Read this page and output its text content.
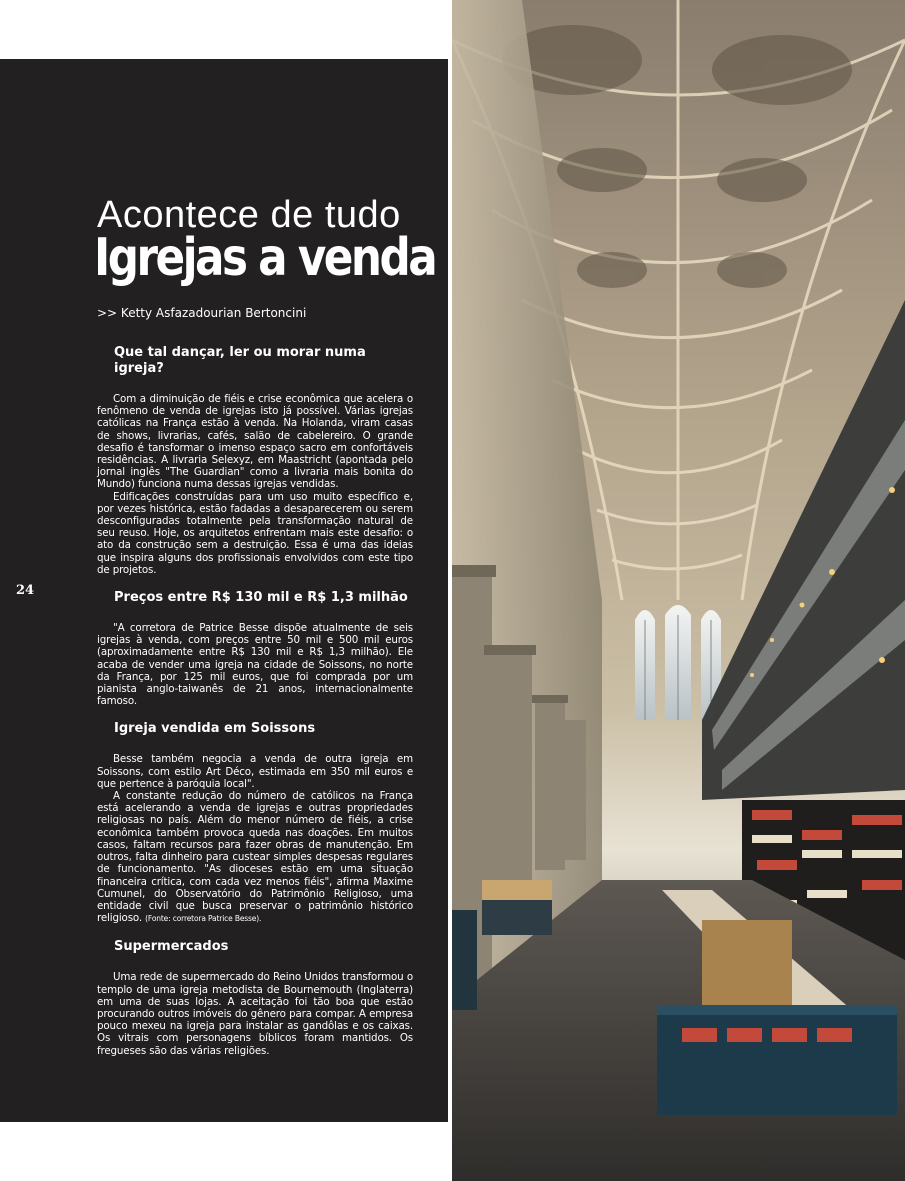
24
Acontece de tudo
Igrejas a venda
>> Ketty Asfazadourian Bertoncini
Que tal dançar, ler ou morar numa igreja?

Com a diminuição de fiéis e crise econômica que acelera o fenômeno de venda de igrejas isto já possível. Várias igrejas católicas na França estão à venda. Na Holanda, viram casas de shows, livrarias, cafés, salão de cabelereiro. O grande desafio é tansformar o imenso espaço sacro em confortáveis residências. A livraria Selexyz, em Maastricht (apontada pelo jornal inglês "The Guardian" como a livraria mais bonita do Mundo) funciona numa dessas igrejas vendidas.

Edificações construídas para um uso muito específico e, por vezes histórica, estão fadadas a desaparecerem ou serem desconfiguradas totalmente pela transformação natural de seu reuso. Hoje, os arquitetos enfrentam mais este desafio: o ato da construção sem a destruição. Essa é uma das ideias que inspira alguns dos profissionais envolvidos com este tipo de projetos.

Preços entre R$ 130 mil e R$ 1,3 milhão

"A corretora de Patrice Besse dispõe atualmente de seis igrejas à venda, com preços entre 50 mil e 500 mil euros (aproximadamente entre R$ 130 mil e R$ 1,3 milhão). Ele acaba de vender uma igreja na cidade de Soissons, no norte da França, por 125 mil euros, que foi comprada por um pianista anglo-taiwanês de 21 anos, internacionalmente famoso.

Igreja vendida em Soissons

Besse também negocia a venda de outra igreja em Soissons, com estilo Art Déco, estimada em 350 mil euros e que pertence à paróquia local".

A constante redução do número de católicos na França está acelerando a venda de igrejas e outras propriedades religiosas no país. Além do menor número de fiéis, a crise econômica também provoca queda nas doações. Em muitos casos, faltam recursos para fazer obras de manutenção. Em outros, falta dinheiro para custear simples despesas regulares de funcionamento. "As dioceses estão em uma situação financeira crítica, com cada vez menos fiéis", afirma Maxime Cumunel, do Observatório do Patrimônio Religioso, uma entidade civil que busca preservar o patrimônio histórico religioso. (Fonte: corretora Patrice Besse).

Supermercados

Uma rede de supermercado do Reino Unidos transformou o templo de uma igreja metodista de Bournemouth (Inglaterra) em uma de suas lojas. A aceitação foi tão boa que estão procurando outros imóveis do gênero para compar. A empresa pouco mexeu na igreja para instalar as gandôlas e os caixas. Os vitrais com personagens bíblicos foram mantidos. Os fregueses são das várias religiões.
